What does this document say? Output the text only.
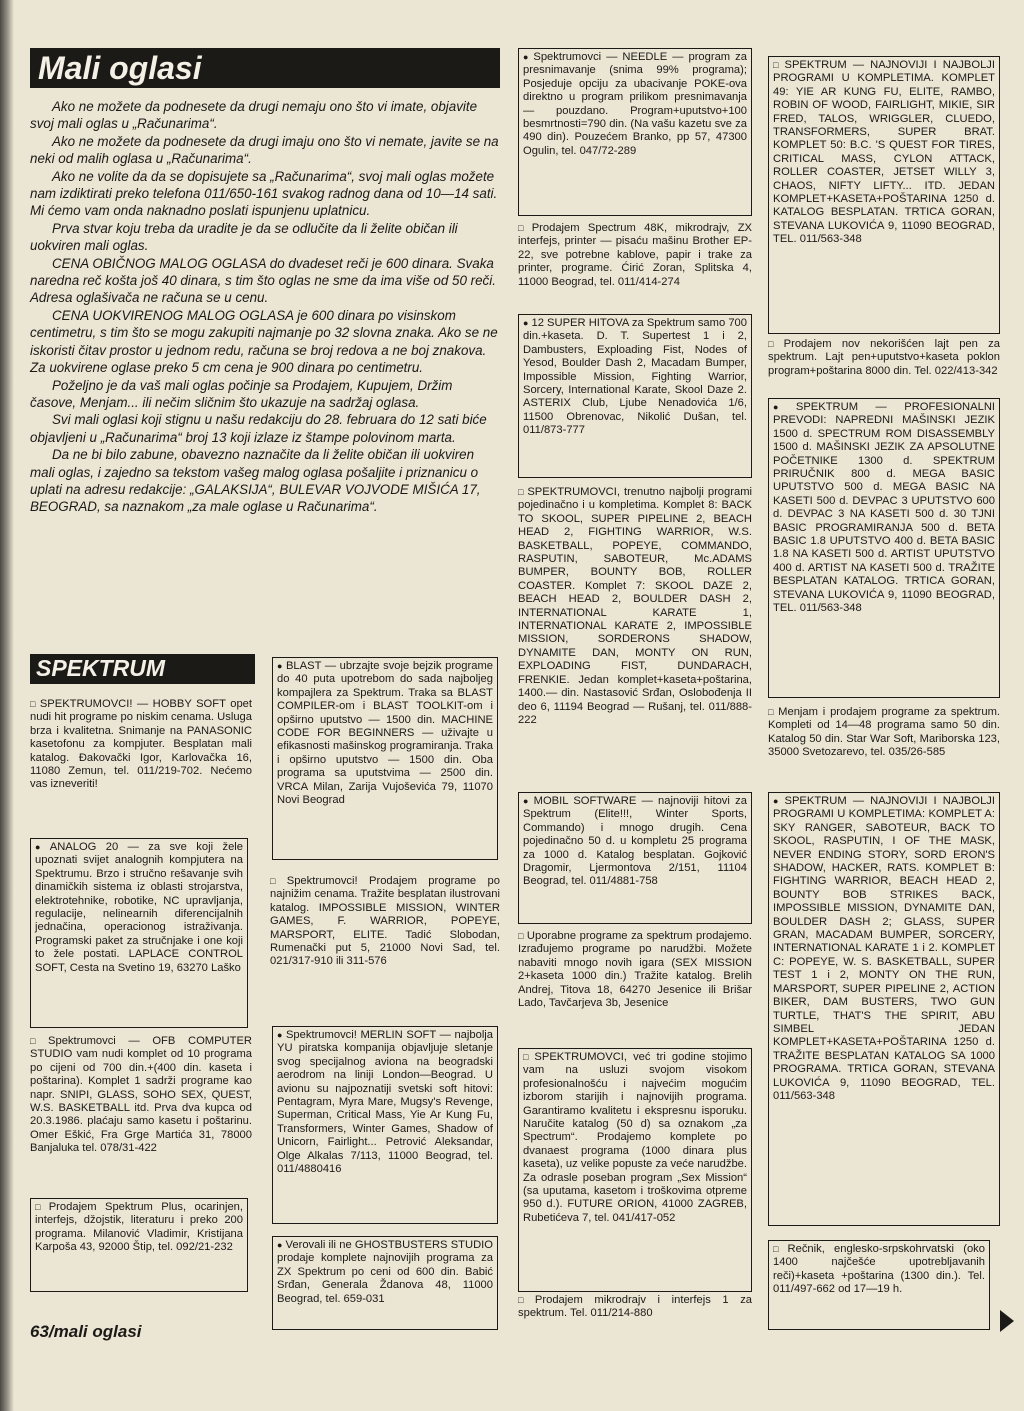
Mali oglasi

Ako ne možete da podnesete da drugi nemaju ono što vi imate, objavite svoj mali oglas u „Računarima“.

Ako ne možete da podnesete da drugi imaju ono što vi nemate, javite se na neki od malih oglasa u „Računarima“.

Ako ne volite da da se dopisujete sa „Računarima“, svoj mali oglas možete nam izdiktirati preko telefona 011/650-161 svakog radnog dana od 10—14 sati. Mi ćemo vam onda naknadno poslati ispunjenu uplatnicu.

Prva stvar koju treba da uradite je da se odlučite da li želite običan ili uokviren mali oglas.

CENA OBIČNOG MALOG OGLASA do dvadeset reči je 600 dinara. Svaka naredna reč košta još 40 dinara, s tim što oglas ne sme da ima više od 50 reči. Adresa oglašivača ne računa se u cenu.

CENA UOKVIRENOG MALOG OGLASA je 600 dinara po visinskom centimetru, s tim što se mogu zakupiti najmanje po 32 slovna znaka. Ako se ne iskoristi čitav prostor u jednom redu, računa se broj redova a ne boj znakova. Za uokvirene oglase preko 5 cm cena je 900 dinara po centimetru.

Poželjno je da vaš mali oglas počinje sa Prodajem, Kupujem, Držim časove, Menjam... ili nečim sličnim što ukazuje na sadržaj oglasa.

Svi mali oglasi koji stignu u našu redakciju do 28. februara do 12 sati biće objavljeni u „Računarima“ broj 13 koji izlaze iz štampe polovinom marta.

Da ne bi bilo zabune, obavezno naznačite da li želite običan ili uokviren mali oglas, i zajedno sa tekstom vašeg malog oglasa pošaljite i priznanicu o uplati na adresu redakcije: „GALAKSIJA“, BULEVAR VOJVODE MIŠIĆA 17, BEOGRAD, sa naznakom „za male oglase u Računarima“.

SPEKTRUM
□ SPEKTRUMOVCI! — HOBBY SOFT opet nudi hit programe po niskim cenama. Usluga brza i kvalitetna. Snimanje na PANASONIC kasetofonu za kompjuter. Besplatan mali katalog. Đakovački Igor, Karlovačka 16, 11080 Zemun, tel. 011/219-702. Nećemo vas izneveriti!
● ANALOG 20 — za sve koji žele upoznati svijet analognih kompjutera na Spektrumu. Brzo i stručno rešavanje svih dinamičkih sistema iz oblasti strojarstva, elektrotehnike, robotike, NC upravljanja, regulacije, nelinearnih diferencijalnih jednačina, operacionog istraživanja. Programski paket za stručnjake i one koji to žele postati. LAPLACE CONTROL SOFT, Cesta na Svetino 19, 63270 Laško
□ Spektrumovci — OFB COMPUTER STUDIO vam nudi komplet od 10 programa po cijeni od 700 din.+(400 din. kaseta i poštarina). Komplet 1 sadrži programe kao napr. SNIPI, GLASS, SOHO SEX, QUEST, W.S. BASKETBALL itd. Prva dva kupca od 20.3.1986. plaćaju samo kasetu i poštarinu. Omer Eškić, Fra Grge Martića 31, 78000 Banjaluka tel. 078/31-422
□ Prodajem Spektrum Plus, ocarinjen, interfejs, džojstik, literaturu i preko 200 programa. Milanović Vladimir, Kristijana Karpoša 43, 92000 Štip, tel. 092/21-232
● BLAST — ubrzajte svoje bejzik programe do 40 puta upotrebom do sada najboljeg kompajlera za Spektrum. Traka sa BLAST COMPILER-om i BLAST TOOLKIT-om i opširno uputstvo — 1500 din. MACHINE CODE FOR BEGINNERS — uživajte u efikasnosti mašinskog programiranja. Traka i opširno uputstvo — 1500 din. Oba programa sa uputstvima — 2500 din. VRCA Milan, Zarija Vujoševića 79, 11070 Novi Beograd
□ Spektrumovci! Prodajem programe po najnižim cenama. Tražite besplatan ilustrovani katalog. IMPOSSIBLE MISSION, WINTER GAMES, F. WARRIOR, POPEYE, MARSPORT, ELITE. Tadić Slobodan, Rumenački put 5, 21000 Novi Sad, tel. 021/317-910 ili 311-576
● Spektrumovci! MERLIN SOFT — najbolja YU piratska kompanija objavljuje sletanje svog specijalnog aviona na beogradski aerodrom na liniji London—Beograd. U avionu su najpoznatiji svetski soft hitovi: Pentagram, Myra Mare, Mugsy's Revenge, Superman, Critical Mass, Yie Ar Kung Fu, Transformers, Winter Games, Shadow of Unicorn, Fairlight... Petrović Aleksandar, Olge Alkalas 7/113, 11000 Beograd, tel. 011/4880416
● Verovali ili ne GHOSTBUSTERS STUDIO prodaje komplete najnovijih programa za ZX Spektrum po ceni od 600 din. Babić Srđan, Generala Ždanova 48, 11000 Beograd, tel. 659-031
● Spektrumovci — NEEDLE — program za presnimavanje (snima 99% programa); Posjeduje opciju za ubacivanje POKE-ova direktno u program prilikom presnimavanja — pouzdano. Program+uputstvo+100 besmrtnosti=790 din. (Na vašu kazetu sve za 490 din). Pouzećem Branko, pp 57, 47300 Ogulin, tel. 047/72-289
□ Prodajem Spectrum 48K, mikrodrajv, ZX interfejs, printer — pisaću mašinu Brother EP-22, sve potrebne kablove, papir i trake za printer, programe. Ćirić Zoran, Splitska 4, 11000 Beograd, tel. 011/414-274
● 12 SUPER HITOVA za Spektrum samo 700 din.+kaseta. D. T. Supertest 1 i 2, Dambusters, Exploading Fist, Nodes of Yesod, Boulder Dash 2, Macadam Bumper, Impossible Mission, Fighting Warrior, Sorcery, International Karate, Skool Daze 2. ASTERIX Club, Ljube Nenadovića 1/6, 11500 Obrenovac, Nikolić Dušan, tel. 011/873-777
□ SPEKTRUMOVCI, trenutno najbolji programi pojedinačno i u kompletima. Komplet 8: BACK TO SKOOL, SUPER PIPELINE 2, BEACH HEAD 2, FIGHTING WARRIOR, W.S. BASKETBALL, POPEYE, COMMANDO, RASPUTIN, SABOTEUR, Mc.ADAMS BUMPER, BOUNTY BOB, ROLLER COASTER. Komplet 7: SKOOL DAZE 2, BEACH HEAD 2, BOULDER DASH 2, INTERNATIONAL KARATE 1, INTERNATIONAL KARATE 2, IMPOSSIBLE MISSION, SORDERONS SHADOW, DYNAMITE DAN, MONTY ON RUN, EXPLOADING FIST, DUNDARACH, FRENKIE. Jedan komplet+kaseta+poštarina, 1400.— din. Nastasović Srđan, Oslobođenja II deo 6, 11194 Beograd — Rušanj, tel. 011/888-222
● MOBIL SOFTWARE — najnoviji hitovi za Spektrum (Elite!!!, Winter Sports, Commando) i mnogo drugih. Cena pojedinačno 50 d. u kompletu 25 programa za 1000 d. Katalog besplatan. Gojković Dragomir, Ljermontova 2/151, 11104 Beograd, tel. 011/4881-758
□ Uporabne programe za spektrum prodajemo. Izrađujemo programe po narudžbi. Možete nabaviti mnogo novih igara (SEX MISSION 2+kaseta 1000 din.) Tražite katalog. Brelih Andrej, Titova 18, 64270 Jesenice ili Brišar Lado, Tavčarjeva 3b, Jesenice
□ SPEKTRUMOVCI, već tri godine stojimo vam na usluzi svojom visokom profesionalnošću i najvećim mogućim izborom starijih i najnovijih programa. Garantiramo kvalitetu i ekspresnu isporuku. Naručite katalog (50 d) sa oznakom „za Spectrum“. Prodajemo komplete po dvanaest programa (1000 dinara plus kaseta), uz velike popuste za veće narudžbe. Za odrasle poseban program „Sex Mission“ (sa uputama, kasetom i troškovima otpreme 950 d.). FUTURE ORION, 41000 ZAGREB, Rubetićeva 7, tel. 041/417-052
□ Prodajem mikrodrajv i interfejs 1 za spektrum. Tel. 011/214-880
□ SPEKTRUM — NAJNOVIJI I NAJBOLJI PROGRAMI U KOMPLETIMA. KOMPLET 49: YIE AR KUNG FU, ELITE, RAMBO, ROBIN OF WOOD, FAIRLIGHT, MIKIE, SIR FRED, TALOS, WRIGGLER, CLUEDO, TRANSFORMERS, SUPER BRAT. KOMPLET 50: B.C. 'S QUEST FOR TIRES, CRITICAL MASS, CYLON ATTACK, ROLLER COASTER, JETSET WILLY 3, CHAOS, NIFTY LIFTY... ITD. JEDAN KOMPLET+KASETA+POŠTARINA 1250 d. KATALOG BESPLATAN. TRTICA GORAN, STEVANA LUKOVIĆA 9, 11090 BEOGRAD, TEL. 011/563-348
□ Prodajem nov nekorišćen lajt pen za spektrum. Lajt pen+uputstvo+kaseta poklon program+poštarina 8000 din. Tel. 022/413-342
● SPEKTRUM — PROFESIONALNI PREVODI: NAPREDNI MAŠINSKI JEZIK 1500 d. SPECTRUM ROM DISASSEMBLY 1500 d. MAŠINSKI JEZIK ZA APSOLUTNE POČETNIKE 1300 d. SPEKTRUM PRIRUČNIK 800 d. MEGA BASIC UPUTSTVO 500 d. MEGA BASIC NA KASETI 500 d. DEVPAC 3 UPUTSTVO 600 d. DEVPAC 3 NA KASETI 500 d. 30 TJNI BASIC PROGRAMIRANJA 500 d. BETA BASIC 1.8 UPUTSTVO 400 d. BETA BASIC 1.8 NA KASETI 500 d. ARTIST UPUTSTVO 400 d. ARTIST NA KASETI 500 d. TRAŽITE BESPLATAN KATALOG. TRTICA GORAN, STEVANA LUKOVIĆA 9, 11090 BEOGRAD, TEL. 011/563-348
□ Menjam i prodajem programe za spektrum. Kompleti od 14—48 programa samo 50 din. Katalog 50 din. Star War Soft, Mariborska 123, 35000 Svetozarevo, tel. 035/26-585
● SPEKTRUM — NAJNOVIJI I NAJBOLJI PROGRAMI U KOMPLETIMA: KOMPLET A: SKY RANGER, SABOTEUR, BACK TO SKOOL, RASPUTIN, I OF THE MASK, NEVER ENDING STORY, SORD ERON'S SHADOW, HACKER, RATS. KOMPLET B: FIGHTING WARRIOR, BEACH HEAD 2, BOUNTY BOB STRIKES BACK, IMPOSSIBLE MISSION, DYNAMITE DAN, BOULDER DASH 2; GLASS, SUPER GRAN, MACADAM BUMPER, SORCERY, INTERNATIONAL KARATE 1 i 2. KOMPLET C: POPEYE, W. S. BASKETBALL, SUPER TEST 1 i 2, MONTY ON THE RUN, MARSPORT, SUPER PIPELINE 2, ACTION BIKER, DAM BUSTERS, TWO GUN TURTLE, THAT'S THE SPIRIT, ABU SIMBEL JEDAN KOMPLET+KASETA+POŠTARINA 1250 d. TRAŽITE BESPLATAN KATALOG SA 1000 PROGRAMA. TRTICA GORAN, STEVANA LUKOVIĆA 9, 11090 BEOGRAD, TEL. 011/563-348
□ Rečnik, englesko-srpskohrvatski (oko 1400 najčešće upotrebljavanih reči)+kaseta +poštarina (1300 din.). Tel. 011/497-662 od 17—19 h.
63/mali oglasi
